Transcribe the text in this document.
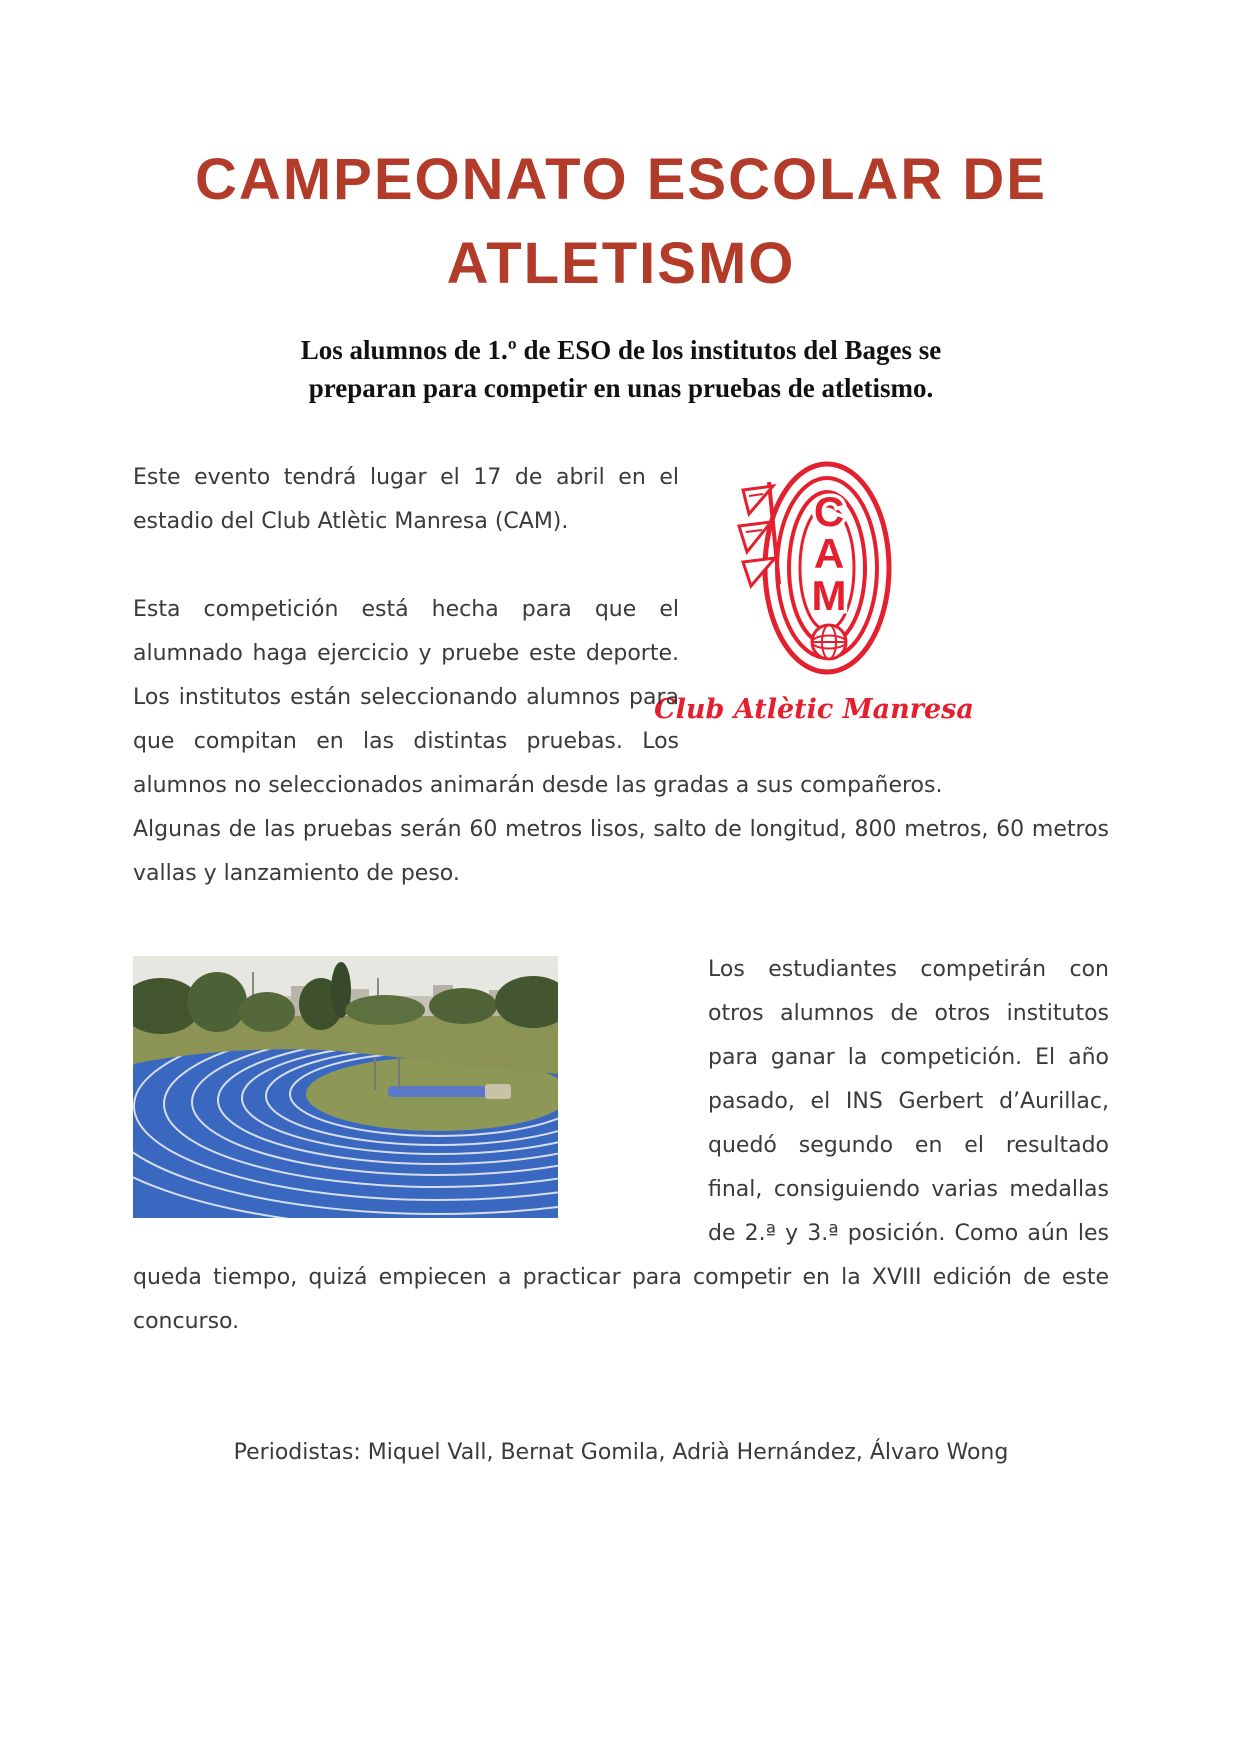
CAMPEONATO ESCOLAR DE ATLETISMO
Los alumnos de 1.º de ESO de los institutos del Bages se preparan para competir en unas pruebas de atletismo.
C
A
M
Club Atlètic Manresa

Este evento tendrá lugar el 17 de abril en el estadio del Club Atlètic Manresa (CAM).

Esta competición está hecha para que el alumnado haga ejercicio y pruebe este deporte. Los institutos están seleccionando alumnos para que compitan en las distintas pruebas. Los alumnos no seleccionados animarán desde las gradas a sus compañeros.

Algunas de las pruebas serán 60 metros lisos, salto de longitud, 800 metros, 60 metros vallas y lanzamiento de peso.

Los estudiantes competirán con otros alumnos de otros institutos para ganar la competición. El año pasado, el INS Gerbert d’Aurillac, quedó segundo en el resultado final, consiguiendo varias medallas de 2.ª y 3.ª posición. Como aún les queda tiempo, quizá empiecen a practicar para competir en la XVIII edición de este concurso.

Periodistas: Miquel Vall, Bernat Gomila, Adrià Hernández, Álvaro Wong
